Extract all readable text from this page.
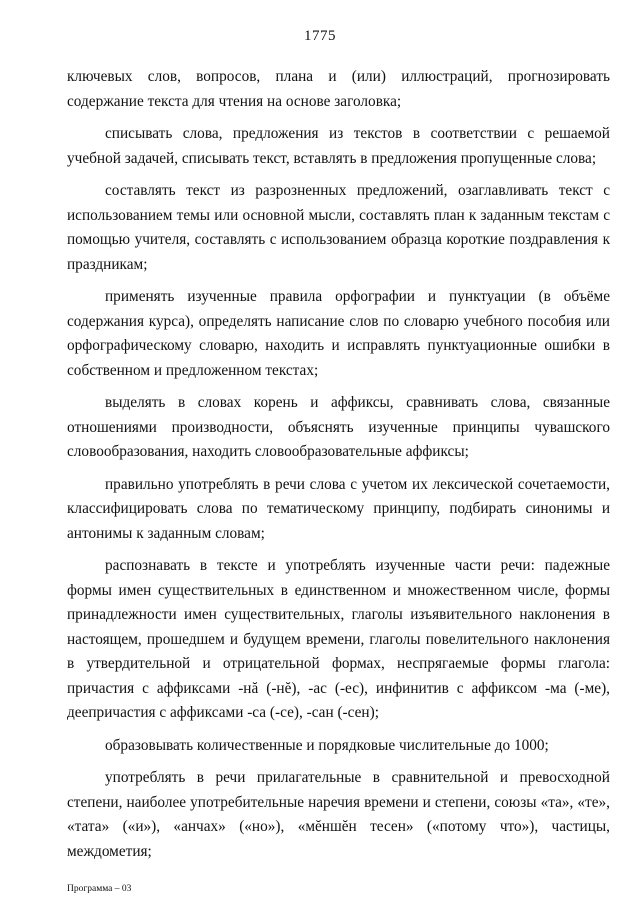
1775

ключевых слов, вопросов, плана и (или) иллюстраций, прогнозировать содержание текста для чтения на основе заголовка;

списывать слова, предложения из текстов в соответствии с решаемой учебной задачей, списывать текст, вставлять в предложения пропущенные слова;

составлять текст из разрозненных предложений, озаглавливать текст с использованием темы или основной мысли, составлять план к заданным текстам с помощью учителя, составлять с использованием образца короткие поздравления к праздникам;

применять изученные правила орфографии и пунктуации (в объёме содержания курса), определять написание слов по словарю учебного пособия или орфографическому словарю, находить и исправлять пунктуационные ошибки в собственном и предложенном текстах;

выделять в словах корень и аффиксы, сравнивать слова, связанные отношениями производности, объяснять изученные принципы чувашского словообразования, находить словообразовательные аффиксы;

правильно употреблять в речи слова с учетом их лексической сочетаемости, классифицировать слова по тематическому принципу, подбирать синонимы и антонимы к заданным словам;

распознавать в тексте и употреблять изученные части речи: падежные формы имен существительных в единственном и множественном числе, формы принадлежности имен существительных, глаголы изъявительного наклонения в настоящем, прошедшем и будущем времени, глаголы повелительного наклонения в утвердительной и отрицательной формах, неспрягаемые формы глагола: причастия с аффиксами -нă (-нĕ), -ас (-ес), инфинитив с аффиксом -ма (-ме), деепричастия с аффиксами -са (-се), -сан (-сен);

образовывать количественные и порядковые числительные до 1000;

употреблять в речи прилагательные в сравнительной и превосходной степени, наиболее употребительные наречия времени и степени, союзы «та», «те», «тата» («и»), «анчах» («но»), «мĕншĕн тесен» («потому что»), частицы, междометия;

Программа – 03
